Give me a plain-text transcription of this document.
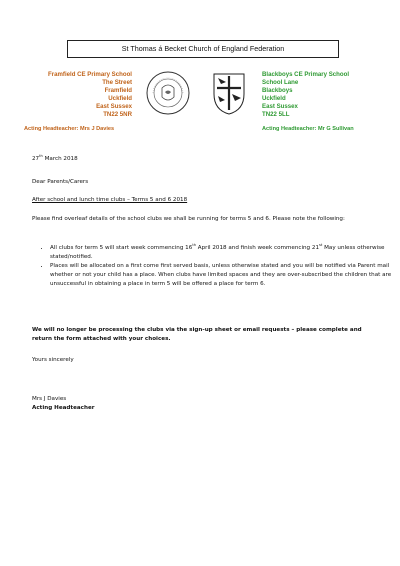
St Thomas á Becket Church of England Federation
Framfield CE Primary School
The Street
Framfield
Uckfield
East Sussex
TN22 5NR
Blackboys CE Primary School
School Lane
Blackboys
Uckfield
East Sussex
TN22 5LL
Acting Headteacher: Mrs J Davies	Acting Headteacher: Mr G Sullivan
27th March 2018
Dear Parents/Carers
After school and lunch time clubs – Terms 5 and 6 2018
Please find overleaf details of the school clubs we shall be running for terms 5 and 6. Please note the following:
• All clubs for term 5 will start week commencing 16th April 2018 and finish week commencing 21st May unless otherwise stated/notified.
• Places will be allocated on a first come first served basis, unless otherwise stated and you will be notified via Parent mail whether or not your child has a place. When clubs have limited spaces and they are over-subscribed the children that are unsuccessful in obtaining a place in term 5 will be offered a place for term 6.
We will no longer be processing the clubs via the sign-up sheet or email requests – please complete and return the form attached with your choices.
Yours sincerely
Mrs J Davies
Acting Headteacher
